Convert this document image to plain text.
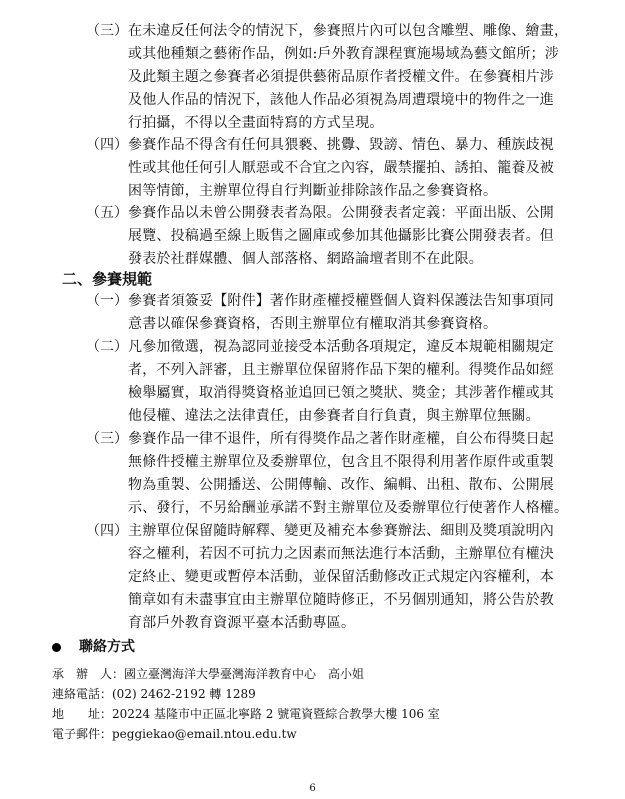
（三） 在未違反任何法令的情況下，參賽照片內可以包含雕塑、雕像、繪畫，
或其他種類之藝術作品，例如:戶外教育課程實施場域為藝文館所；涉
及此類主題之參賽者必須提供藝術品原作者授權文件。在參賽相片涉
及他人作品的情況下，該他人作品必須視為周遭環境中的物件之一進
行拍攝，不得以全畫面特寫的方式呈現。
（四） 參賽作品不得含有任何具猥褻、挑釁、毀謗、情色、暴力、種族歧視
性或其他任何引人厭惡或不合宜之內容，嚴禁擺拍、誘拍、籠養及被
困等情節，主辦單位得自行判斷並排除該作品之參賽資格。
（五） 參賽作品以未曾公開發表者為限。公開發表者定義：平面出版、公開
展覽、投稿過至線上販售之圖庫或參加其他攝影比賽公開發表者。但
發表於社群媒體、個人部落格、網路論壇者則不在此限。
二、參賽規範
（一） 參賽者須簽妥【附件】著作財產權授權暨個人資料保護法告知事項同
意書以確保參賽資格，否則主辦單位有權取消其參賽資格。
（二） 凡參加徵選，視為認同並接受本活動各項規定，違反本規範相關規定
者，不列入評審，且主辦單位保留將作品下架的權利。得獎作品如經
檢舉屬實，取消得獎資格並追回已領之獎狀、獎金；其涉著作權或其
他侵權、違法之法律責任，由參賽者自行負責，與主辦單位無關。
（三） 參賽作品一律不退件，所有得獎作品之著作財產權，自公布得獎日起
無條件授權主辦單位及委辦單位，包含且不限得利用著作原件或重製
物為重製、公開播送、公開傳輸、改作、編輯、出租、散布、公開展
示、發行，不另給酬並承諾不對主辦單位及委辦單位行使著作人格權。
（四） 主辦單位保留隨時解釋、變更及補充本參賽辦法、細則及獎項說明內
容之權利，若因不可抗力之因素而無法進行本活動，主辦單位有權決
定終止、變更或暫停本活動，並保留活動修改正式規定內容權利，本
簡章如有未盡事宜由主辦單位隨時修正，不另個別通知，將公告於教
育部戶外教育資源平臺本活動專區。
聯絡方式
承　辦　人：國立臺灣海洋大學臺灣海洋教育中心　高小姐
連絡電話：(02) 2462-2192 轉 1289
地　　址：20224 基隆市中正區北寧路 2 號電資暨綜合教學大樓 106 室
電子郵件：peggiekao@email.ntou.edu.tw
6
